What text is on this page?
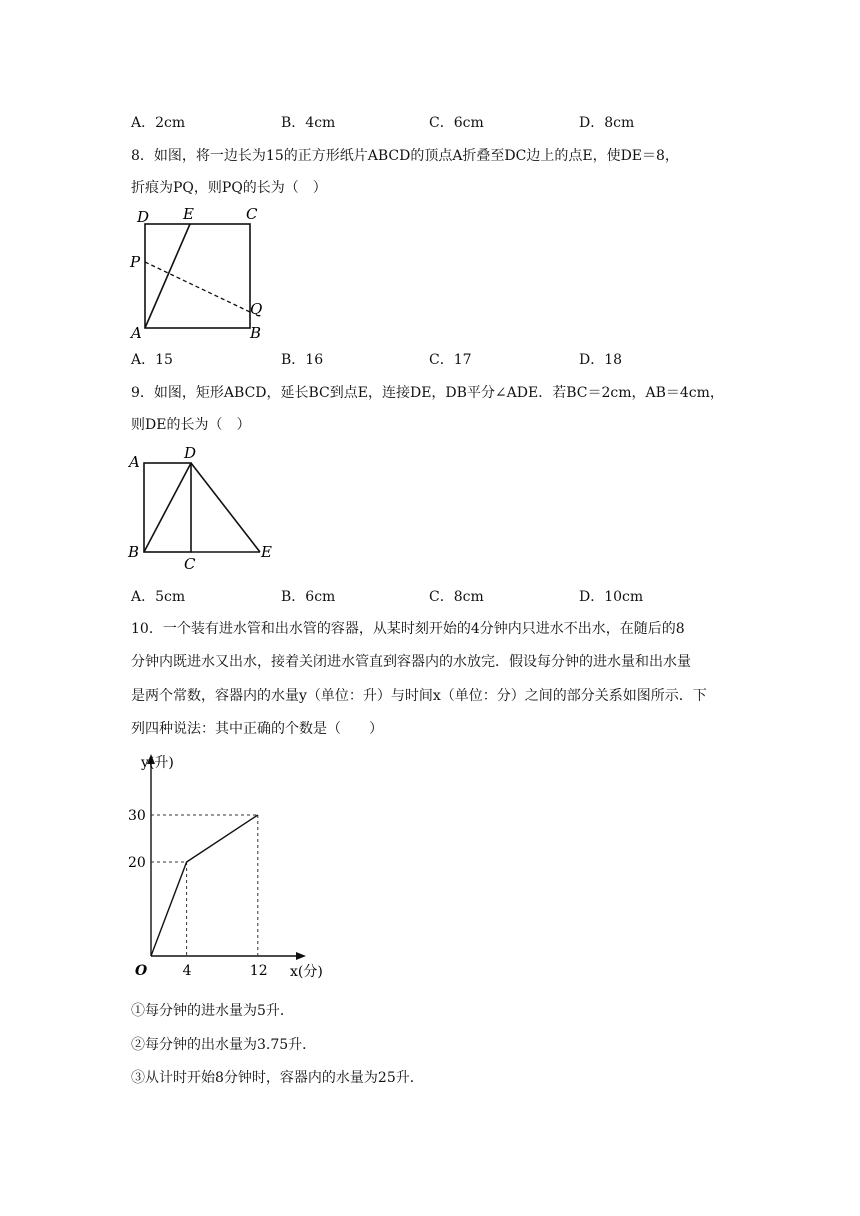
A．2cm	B．4cm	C．6cm	D．8cm
8．如图，将一边长为15的正方形纸片ABCD的顶点A折叠至DC边上的点E，使DE＝8，
折痕为PQ，则PQ的长为（　）
D E	C
P
Q
A	B
A．15	B．16	C．17	D．18
9．如图，矩形ABCD，延长BC到点E，连接DE，DB平分∠ADE．若BC＝2cm，AB＝4cm，
则DE的长为（　）
A	D
B
C
E
A．5cm	B．6cm	C．8cm	D．10cm
10．一个装有进水管和出水管的容器，从某时刻开始的4分钟内只进水不出水，在随后的8
分钟内既进水又出水，接着关闭进水管直到容器内的水放完．假设每分钟的进水量和出水量
是两个常数，容器内的水量y（单位：升）与时间x（单位：分）之间的部分关系如图所示．下
列四种说法：其中正确的个数是（　　）
20
30
4	12
y(升)
x(分)
O
①每分钟的进水量为5升．
②每分钟的出水量为3.75升．
③从计时开始8分钟时，容器内的水量为25升．
